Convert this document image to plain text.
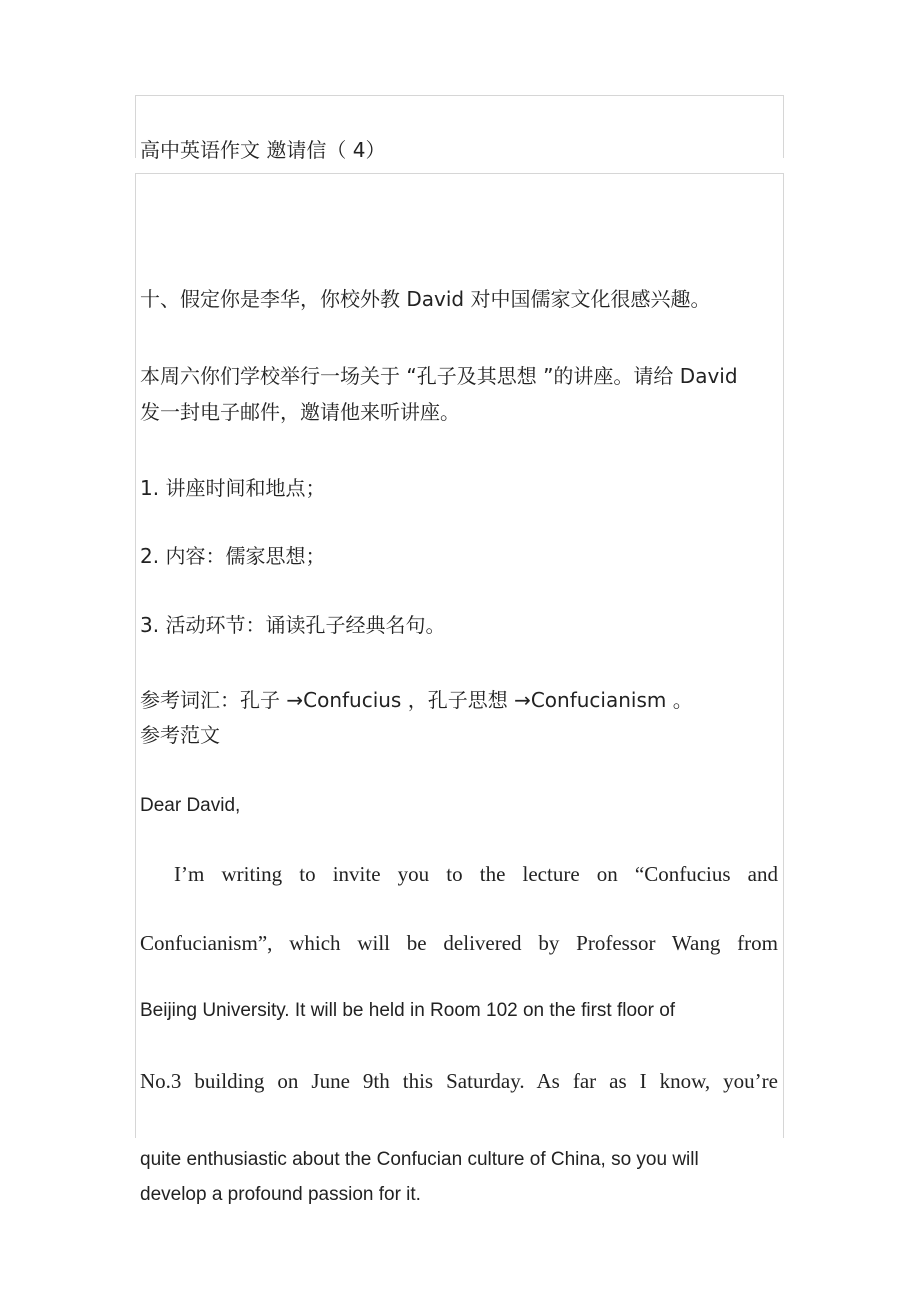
高中英语作文 邀请信（ 4）

十、假定你是李华，你校外教 David 对中国儒家文化很感兴趣。

本周六你们学校举行一场关于 “孔子及其思想 ”的讲座。请给 David

发一封电子邮件，邀请他来听讲座。

1. 讲座时间和地点；

2. 内容：儒家思想；

3. 活动环节：诵读孔子经典名句。

参考词汇：孔子 →Confucius ，孔子思想 →Confucianism 。

参考范文

Dear David,

I’m writing to invite you to the lecture on “Confucius and

Confucianism”, which will be delivered by Professor Wang from

Beijing University. It will be held in Room 102 on the first floor of

No.3 building on June 9th this Saturday. As far as I know, you’re

quite enthusiastic about the Confucian culture of China, so you will

develop a profound passion for it.
